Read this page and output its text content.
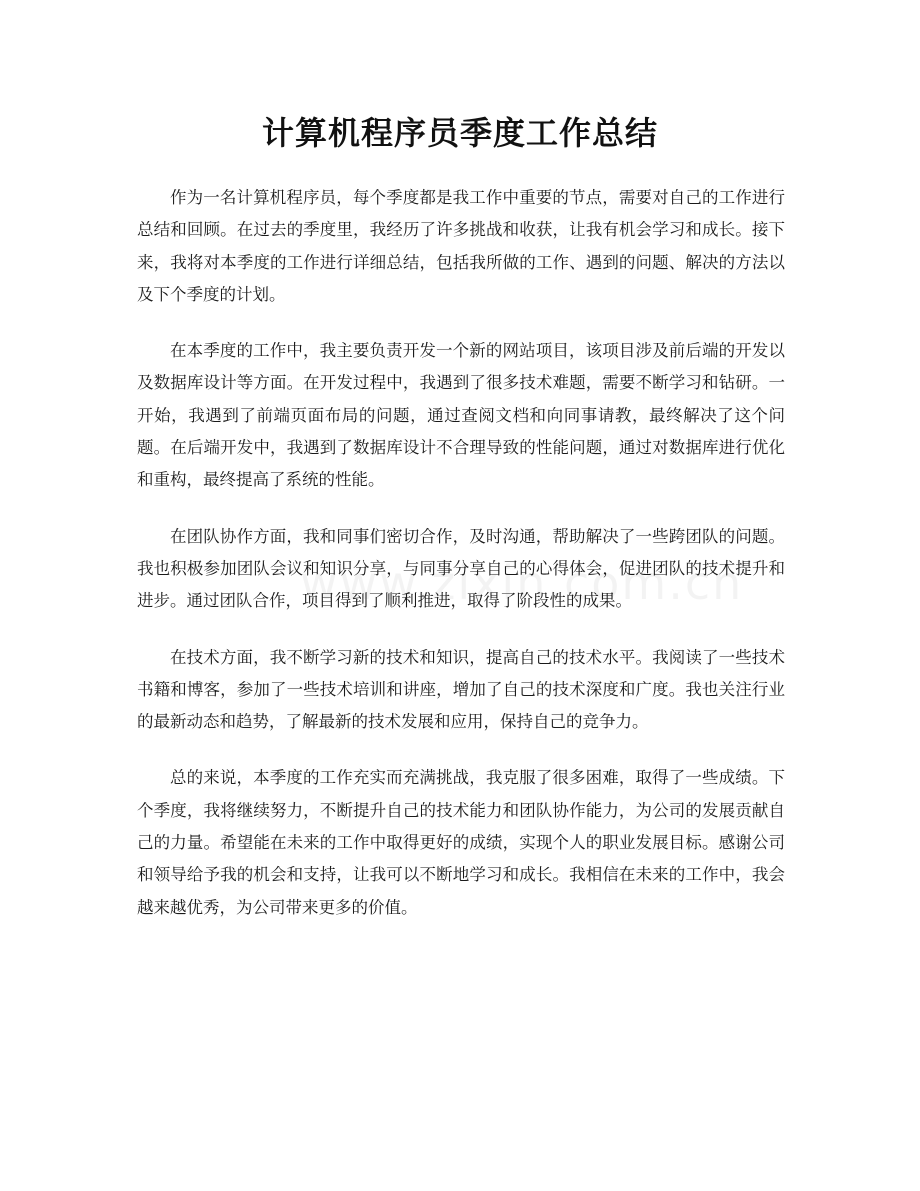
计算机程序员季度工作总结

作为一名计算机程序员，每个季度都是我工作中重要的节点，需要对自己的工作进行总结和回顾。在过去的季度里，我经历了许多挑战和收获，让我有机会学习和成长。接下来，我将对本季度的工作进行详细总结，包括我所做的工作、遇到的问题、解决的方法以及下个季度的计划。

在本季度的工作中，我主要负责开发一个新的网站项目，该项目涉及前后端的开发以及数据库设计等方面。在开发过程中，我遇到了很多技术难题，需要不断学习和钻研。一开始，我遇到了前端页面布局的问题，通过查阅文档和向同事请教，最终解决了这个问题。在后端开发中，我遇到了数据库设计不合理导致的性能问题，通过对数据库进行优化和重构，最终提高了系统的性能。

在团队协作方面，我和同事们密切合作，及时沟通，帮助解决了一些跨团队的问题。我也积极参加团队会议和知识分享，与同事分享自己的心得体会，促进团队的技术提升和进步。通过团队合作，项目得到了顺利推进，取得了阶段性的成果。

在技术方面，我不断学习新的技术和知识，提高自己的技术水平。我阅读了一些技术书籍和博客，参加了一些技术培训和讲座，增加了自己的技术深度和广度。我也关注行业的最新动态和趋势，了解最新的技术发展和应用，保持自己的竞争力。

总的来说，本季度的工作充实而充满挑战，我克服了很多困难，取得了一些成绩。下个季度，我将继续努力，不断提升自己的技术能力和团队协作能力，为公司的发展贡献自己的力量。希望能在未来的工作中取得更好的成绩，实现个人的职业发展目标。感谢公司和领导给予我的机会和支持，让我可以不断地学习和成长。我相信在未来的工作中，我会越来越优秀，为公司带来更多的价值。
